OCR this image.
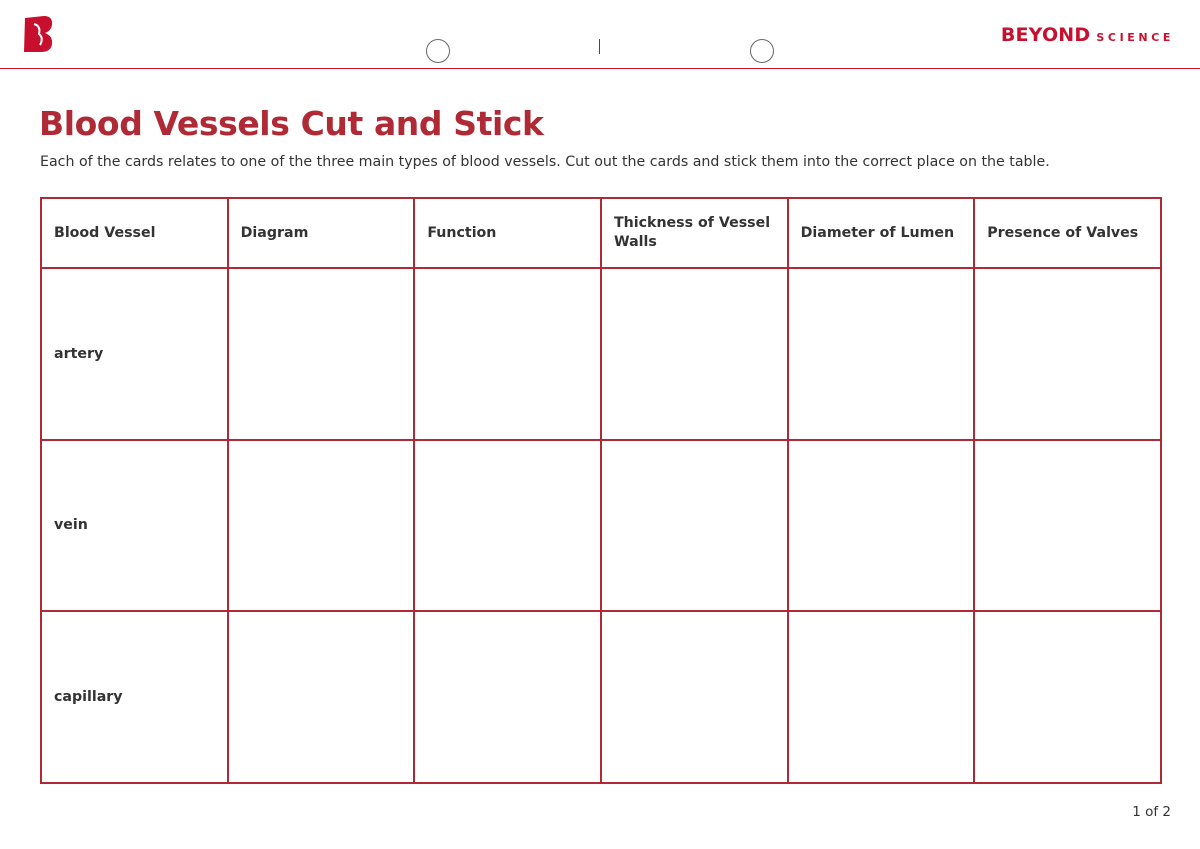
BEYOND SCIENCE
Blood Vessels Cut and Stick

Each of the cards relates to one of the three main types of blood vessels. Cut out the cards and stick them into the correct place on the table.

Blood Vessel	Diagram	Function	Thickness of Vessel Walls	Diameter of Lumen	Presence of Valves
artery					
vein					
capillary					
1 of 2
